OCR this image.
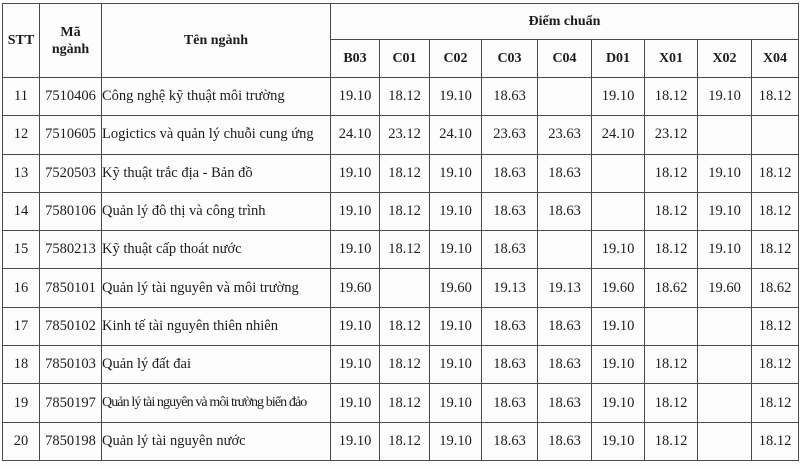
STT	Mã ngành	Tên ngành	Điểm chuẩn								
			B03	C01	C02	C03	C04	D01	X01	X02	X04
11	7510406	Công nghệ kỹ thuật môi trường	19.10	18.12	19.10	18.63		19.10	18.12	19.10	18.12
12	7510605	Logictics và quản lý chuỗi cung ứng	24.10	23.12	24.10	23.63	23.63	24.10	23.12		
13	7520503	Kỹ thuật trắc địa - Bản đồ	19.10	18.12	19.10	18.63	18.63		18.12	19.10	18.12
14	7580106	Quản lý đô thị và công trình	19.10	18.12	19.10	18.63	18.63		18.12	19.10	18.12
15	7580213	Kỹ thuật cấp thoát nước	19.10	18.12	19.10	18.63		19.10	18.12	19.10	18.12
16	7850101	Quản lý tài nguyên và môi trường	19.60		19.60	19.13	19.13	19.60	18.62	19.60	18.62
17	7850102	Kinh tế tài nguyên thiên nhiên	19.10	18.12	19.10	18.63	18.63	19.10			18.12
18	7850103	Quản lý đất đai	19.10	18.12	19.10	18.63	18.63	19.10	18.12		18.12
19	7850197	Quản lý tài nguyên và môi trường biển đảo	19.10	18.12	19.10	18.63	18.63	19.10	18.12		18.12
20	7850198	Quản lý tài nguyên nước	19.10	18.12	19.10	18.63	18.63	19.10	18.12		18.12
